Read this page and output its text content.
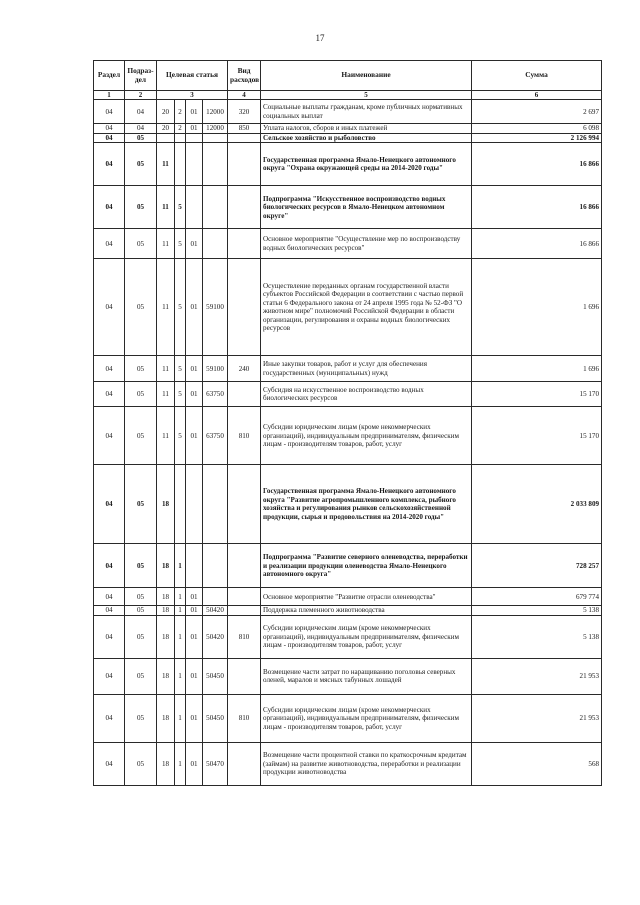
17
Раздел	Подраз-дел	Целевая статья				Вид расходов	Наименование	Сумма
1	2	3				4	5	6
04	04	20	2	01	12000	320	Социальные выплаты гражданам, кроме публичных нормативных социальных выплат	2 697
04	04	20	2	01	12000	850	Уплата налогов, сборов и иных платежей	6 098
04	05						Сельское хозяйство и рыболовство	2 126 994
04	05	11					Государственная программа Ямало-Ненецкого автономного округа "Охрана окружающей среды на 2014-2020 годы"	16 866
04	05	11	5				Подпрограмма "Искусственное воспроизводство водных биологических ресурсов в Ямало-Ненецком автономном округе"	16 866
04	05	11	5	01			Основное мероприятие "Осуществление мер по воспроизводству водных биологических ресурсов"	16 866
04	05	11	5	01	59100		Осуществление переданных органам государственной власти субъектов Российской Федерации в соответствии с частью первой статьи 6 Федерального закона от 24 апреля 1995 года № 52-ФЗ "О животном мире" полномочий Российской Федерации в области организации, регулирования и охраны водных биологических ресурсов	1 696
04	05	11	5	01	59100	240	Иные закупки товаров, работ и услуг для обеспечения государственных (муниципальных) нужд	1 696
04	05	11	5	01	63750		Субсидия на искусственное воспроизводство водных биологических ресурсов	15 170
04	05	11	5	01	63750	810	Субсидии юридическим лицам (кроме некоммерческих организаций), индивидуальным предпринимателям, физическим лицам - производителям товаров, работ, услуг	15 170
04	05	18					Государственная программа Ямало-Ненецкого автономного округа "Развитие агропромышленного комплекса, рыбного хозяйства и регулирования рынков сельскохозяйственной продукции, сырья и продовольствия на 2014-2020 годы"	2 033 809
04	05	18	1				Подпрограмма "Развитие северного оленеводства, переработки и реализации продукции оленеводства Ямало-Ненецкого автономного округа"	728 257
04	05	18	1	01			Основное мероприятие "Развитие отрасли оленеводства"	679 774
04	05	18	1	01	50420		Поддержка племенного животноводства	5 138
04	05	18	1	01	50420	810	Субсидии юридическим лицам (кроме некоммерческих организаций), индивидуальным предпринимателям, физическим лицам - производителям товаров, работ, услуг	5 138
04	05	18	1	01	50450		Возмещение части затрат по наращиванию поголовья северных оленей, маралов и мясных табунных лошадей	21 953
04	05	18	1	01	50450	810	Субсидии юридическим лицам (кроме некоммерческих организаций), индивидуальным предпринимателям, физическим лицам - производителям товаров, работ, услуг	21 953
04	05	18	1	01	50470		Возмещение части процентной ставки по краткосрочным кредитам (займам) на развитие животноводства, переработки и реализации продукции животноводства	568
